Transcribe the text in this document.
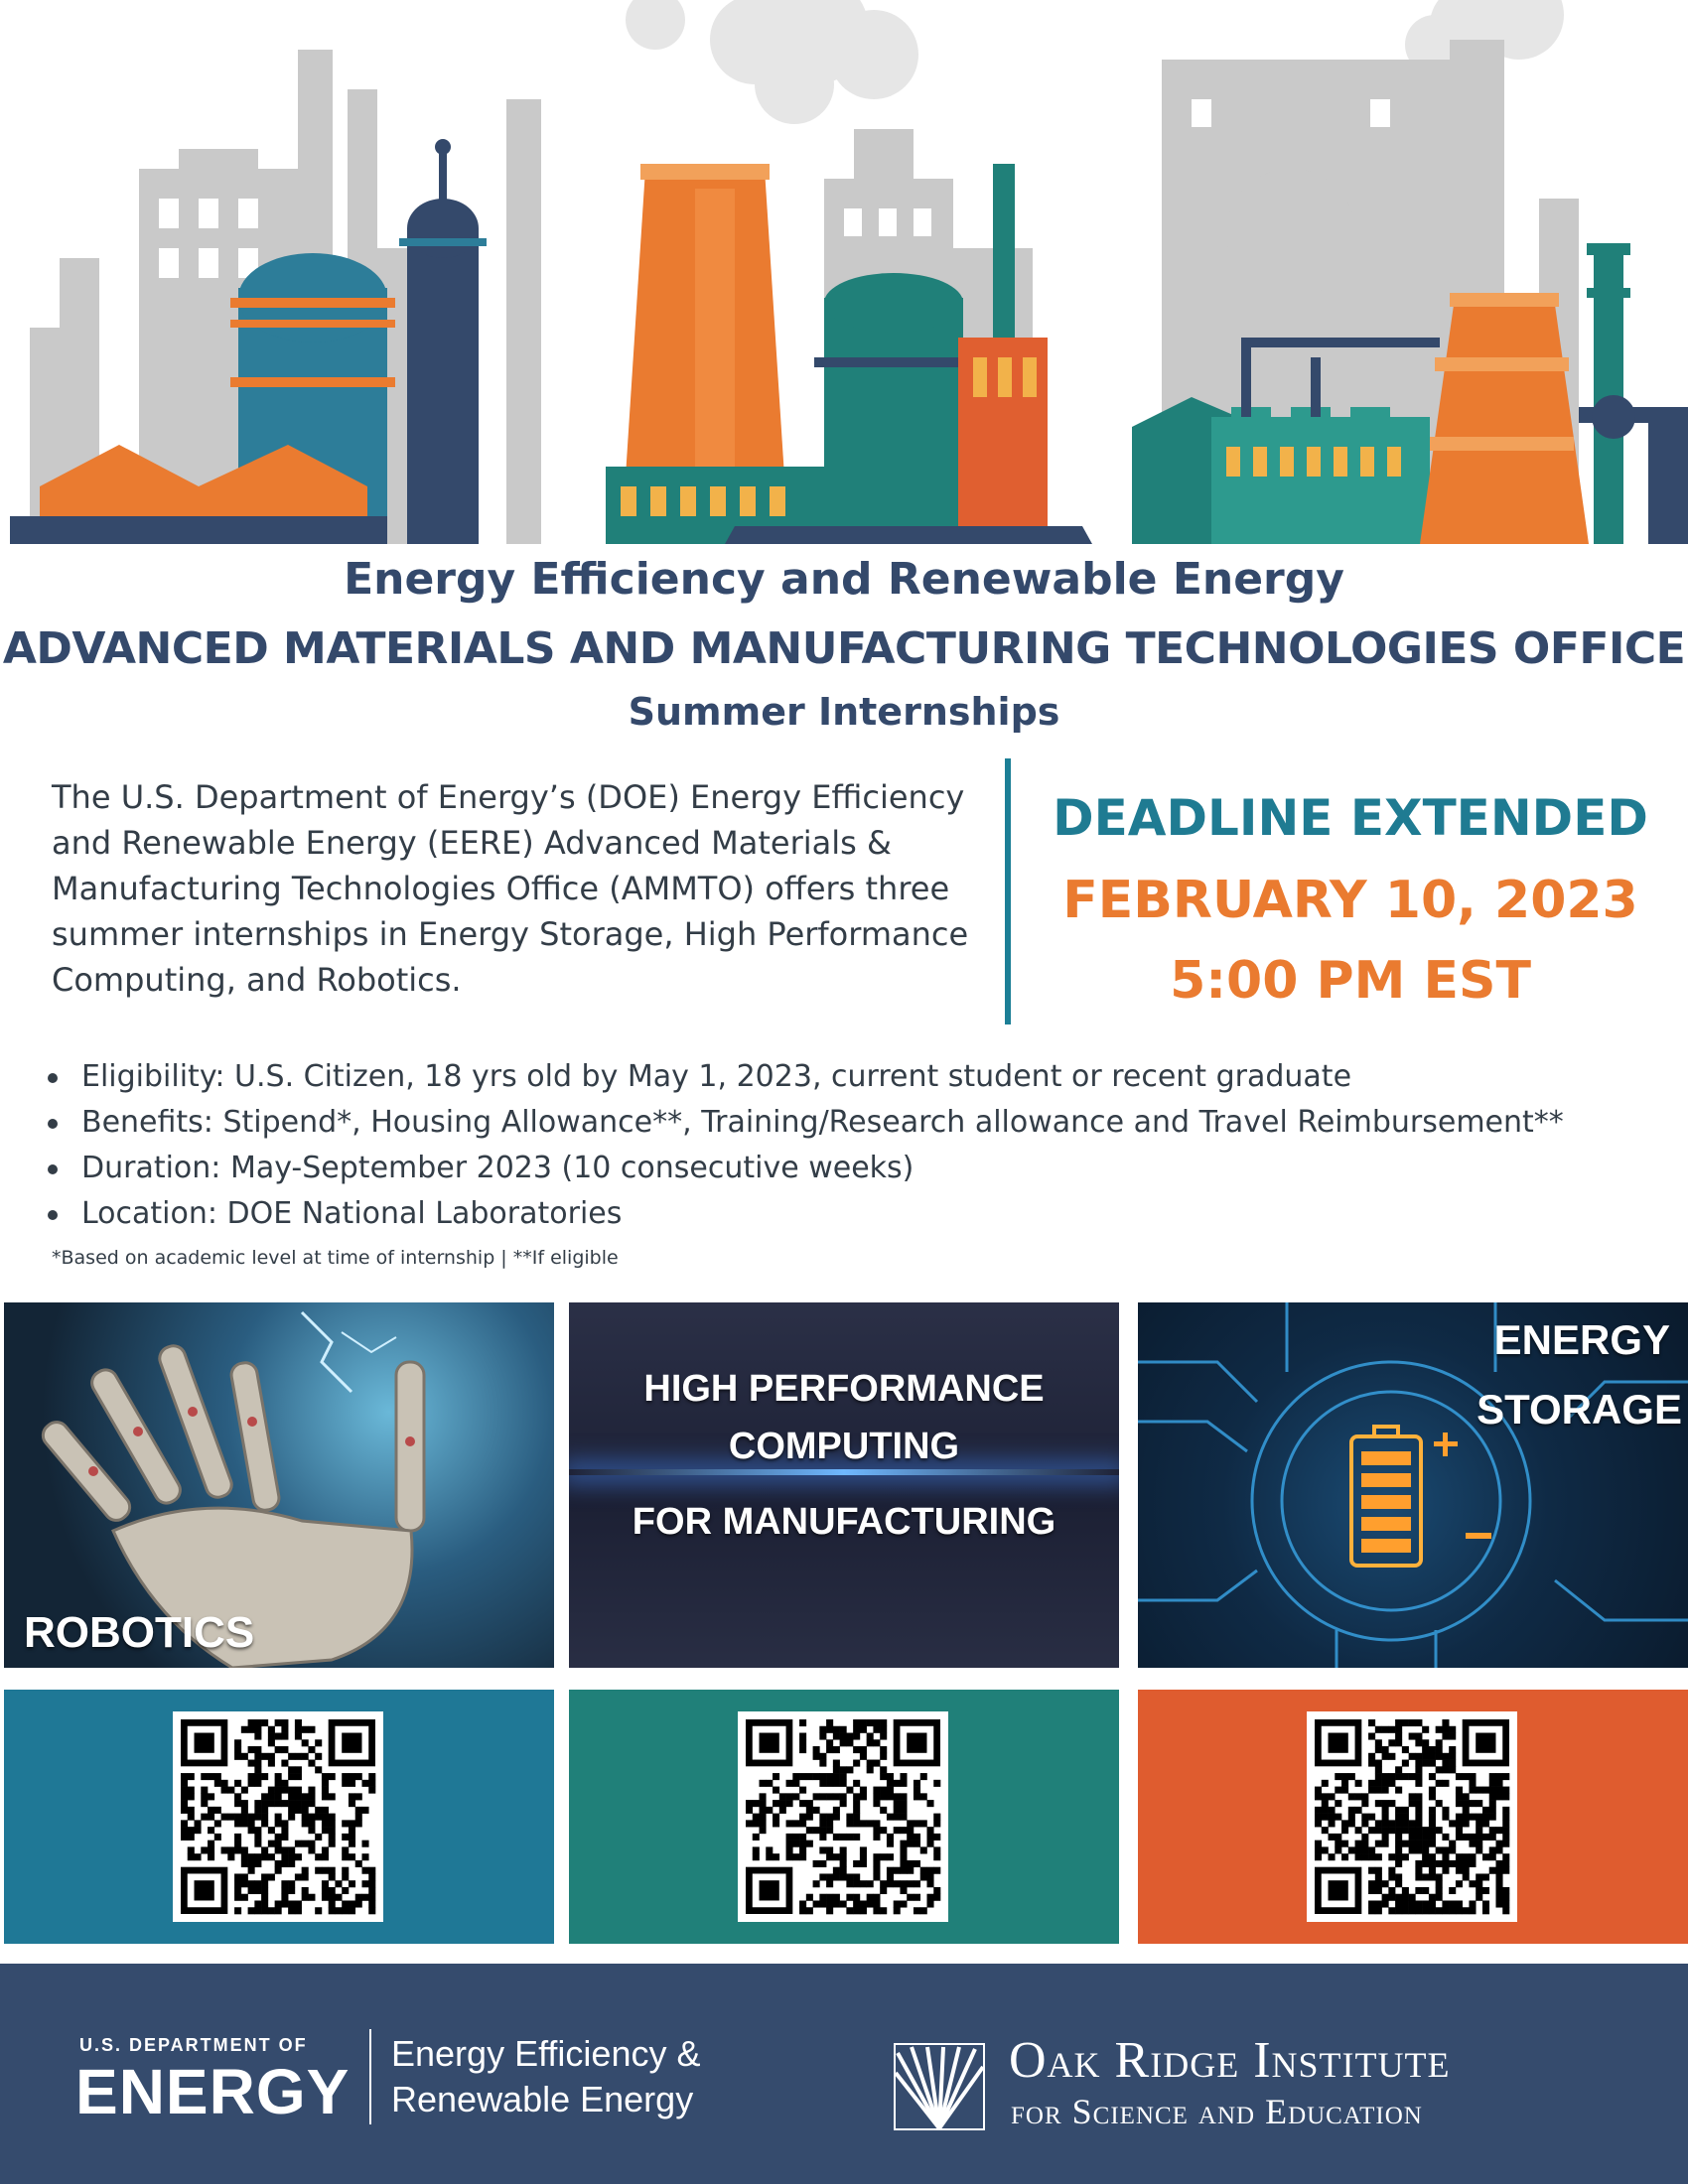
Energy Efficiency and Renewable Energy
ADVANCED MATERIALS AND MANUFACTURING TECHNOLOGIES OFFICE
Summer Internships
The U.S. Department of Energy’s (DOE) Energy Efficiency
and Renewable Energy (EERE) Advanced Materials &
Manufacturing Technologies Office (AMMTO) offers three
summer internships in Energy Storage, High Performance
Computing, and Robotics.
DEADLINE EXTENDED
FEBRUARY 10, 2023
5:00 PM EST
Eligibility: U.S. Citizen, 18 yrs old by May 1, 2023, current student or recent graduate
Benefits: Stipend*, Housing Allowance**, Training/Research allowance and Travel Reimbursement**
Duration: May-September 2023 (10 consecutive weeks)
Location: DOE National Laboratories
*Based on academic level at time of internship | **If eligible
ROBOTICS
HIGH PERFORMANCE
COMPUTING
FOR MANUFACTURING
ENERGY
STORAGE
U.S. DEPARTMENT OF
ENERGY
Energy Efficiency &
Renewable Energy
Oak Ridge Institute
for Science and Education
